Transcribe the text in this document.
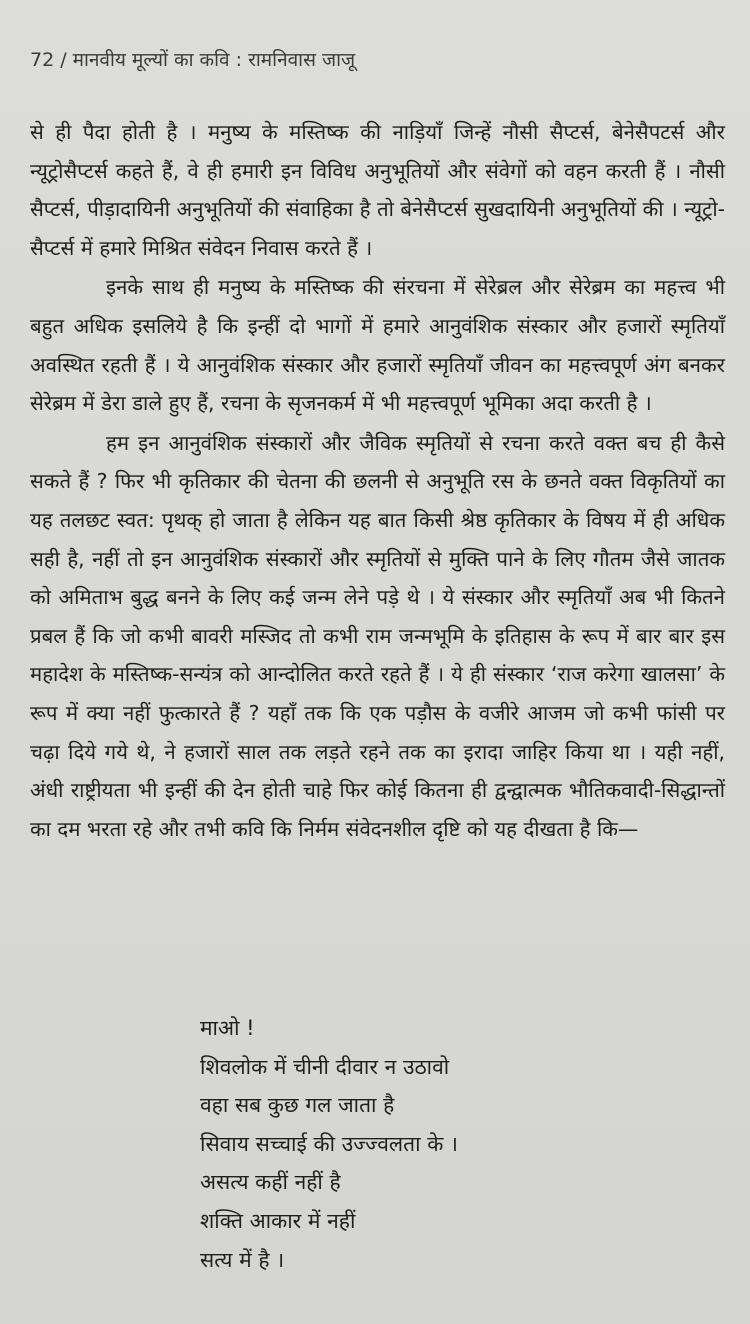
72 / मानवीय मूल्यों का कवि : रामनिवास जाजू

से ही पैदा होती है । मनुष्य के मस्तिष्क की नाड़ियाँ जिन्हें नौसी सैप्टर्स, बेनेसैपटर्स और न्यूट्रोसैप्टर्स कहते हैं, वे ही हमारी इन विविध अनुभूतियों और संवेगों को वहन करती हैं । नौसी सैप्टर्स, पीड़ादायिनी अनुभूतियों की संवाहिका है तो बेनेसैप्टर्स सुखदायिनी अनुभूतियों की । न्यूट्रो-सैप्टर्स में हमारे मिश्रित संवेदन निवास करते हैं ।

इनके साथ ही मनुष्य के मस्तिष्क की संरचना में सेरेब्रल और सेरेब्रम का महत्त्व भी बहुत अधिक इसलिये है कि इन्हीं दो भागों में हमारे आनुवंशिक संस्कार और हजारों स्मृतियाँ अवस्थित रहती हैं । ये आनुवंशिक संस्कार और हजारों स्मृतियाँ जीवन का महत्त्वपूर्ण अंग बनकर सेरेब्रम में डेरा डाले हुए हैं, रचना के सृजनकर्म में भी महत्त्वपूर्ण भूमिका अदा करती है ।

हम इन आनुवंशिक संस्कारों और जैविक स्मृतियों से रचना करते वक्त बच ही कैसे सकते हैं ? फिर भी कृतिकार की चेतना की छलनी से अनुभूति रस के छनते वक्त विकृतियों का यह तलछट स्वत: पृथक् हो जाता है लेकिन यह बात किसी श्रेष्ठ कृतिकार के विषय में ही अधिक सही है, नहीं तो इन आनुवंशिक संस्कारों और स्मृतियों से मुक्ति पाने के लिए गौतम जैसे जातक को अमिताभ बुद्ध बनने के लिए कई जन्म लेने पड़े थे । ये संस्कार और स्मृतियाँ अब भी कितने प्रबल हैं कि जो कभी बावरी मस्जिद तो कभी राम जन्मभूमि के इतिहास के रूप में बार बार इस महादेश के मस्तिष्क-सन्यंत्र को आन्दोलित करते रहते हैं । ये ही संस्कार ‘राज करेगा खालसा’ के रूप में क्या नहीं फुत्कारते हैं ? यहाँ तक कि एक पड़ौस के वजीरे आजम जो कभी फांसी पर चढ़ा दिये गये थे, ने हजारों साल तक लड़ते रहने तक का इरादा जाहिर किया था । यही नहीं, अंधी राष्ट्रीयता भी इन्हीं की देन होती चाहे फिर कोई कितना ही द्वन्द्वात्मक भौतिकवादी-सिद्धान्तों का दम भरता रहे और तभी कवि कि निर्मम संवेदनशील दृष्टि को यह दीखता है कि—

माओ !
शिवलोक में चीनी दीवार न उठावो
वहा सब कुछ गल जाता है
सिवाय सच्चाई की उज्ज्वलता के ।
असत्य कहीं नहीं है
शक्ति आकार में नहीं
सत्य में है ।
